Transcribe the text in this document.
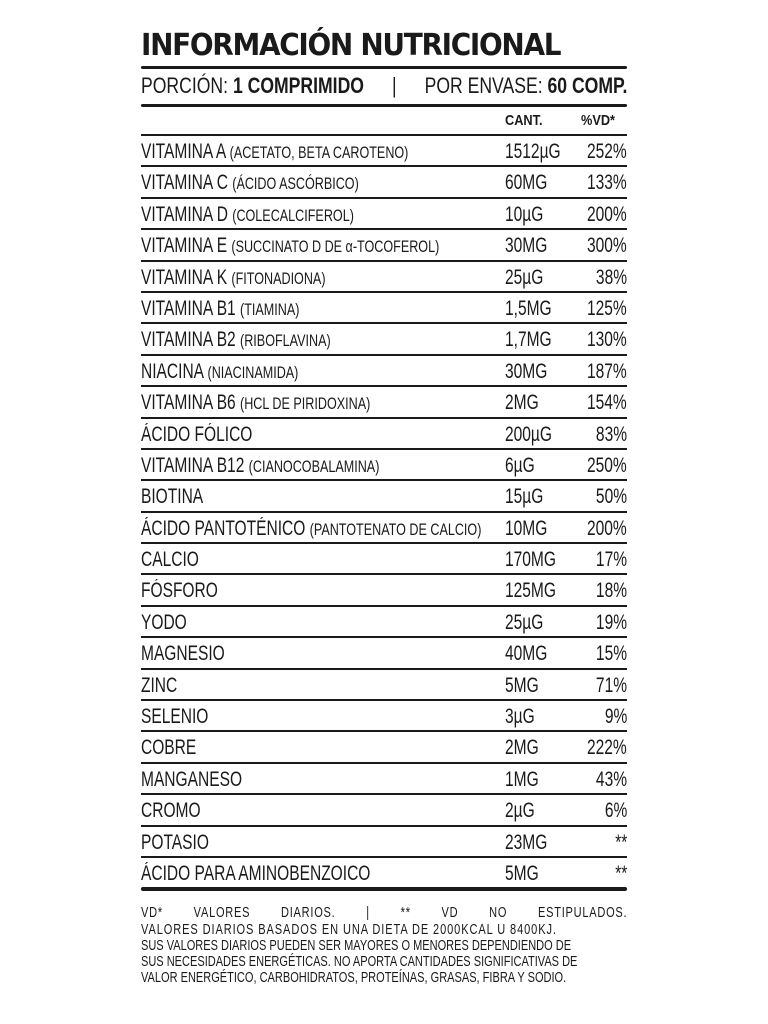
INFORMACIÓN NUTRICIONAL
PORCIÓN: 1 COMPRIMIDO | POR ENVASE: 60 COMP.
CANT.	%VD*
VITAMINA A (ACETATO, BETA CAROTENO)	1512µG 252%
VITAMINA C (ÁCIDO ASCÓRBICO)	60MG 133%
VITAMINA D (COLECALCIFEROL)	10µG 200%
VITAMINA E (SUCCINATO D DE α-TOCOFEROL)	30MG 300%
VITAMINA K (FITONADIONA)	25µG	38%
VITAMINA B1 (TIAMINA)	1,5MG 125%
VITAMINA B2 (RIBOFLAVINA)	1,7MG 130%
NIACINA (NIACINAMIDA)	30MG 187%
VITAMINA B6 (HCL DE PIRIDOXINA)	2MG 154%
ÁCIDO FÓLICO	200µG 83%
VITAMINA B12 (CIANOCOBALAMINA)	6µG	250%
BIOTINA	15µG	50%
ÁCIDO PANTOTÉNICO (PANTOTENATO DE CALCIO) 10MG 200%
CALCIO	170MG 17%
FÓSFORO	125MG 18%
YODO	25µG	19%
MAGNESIO	40MG 15%
ZINC	5MG	71%
SELENIO	3µG	9%
COBRE	2MG 222%
MANGANESO	1MG	43%
CROMO	2µG	6%
POTASIO	23MG	**
ÁCIDO PARA AMINOBENZOICO	5MG	**
VD* VALORES DIARIOS. | ** VD NO ESTIPULADOS.
VALORES DIARIOS BASADOS EN UNA DIETA DE 2000KCAL U 8400KJ.
SUS VALORES DIARIOS PUEDEN SER MAYORES O MENORES DEPENDIENDO DE
SUS NECESIDADES ENERGÉTICAS. NO APORTA CANTIDADES SIGNIFICATIVAS DE
VALOR ENERGÉTICO, CARBOHIDRATOS, PROTEÍNAS, GRASAS, FIBRA Y SODIO.
